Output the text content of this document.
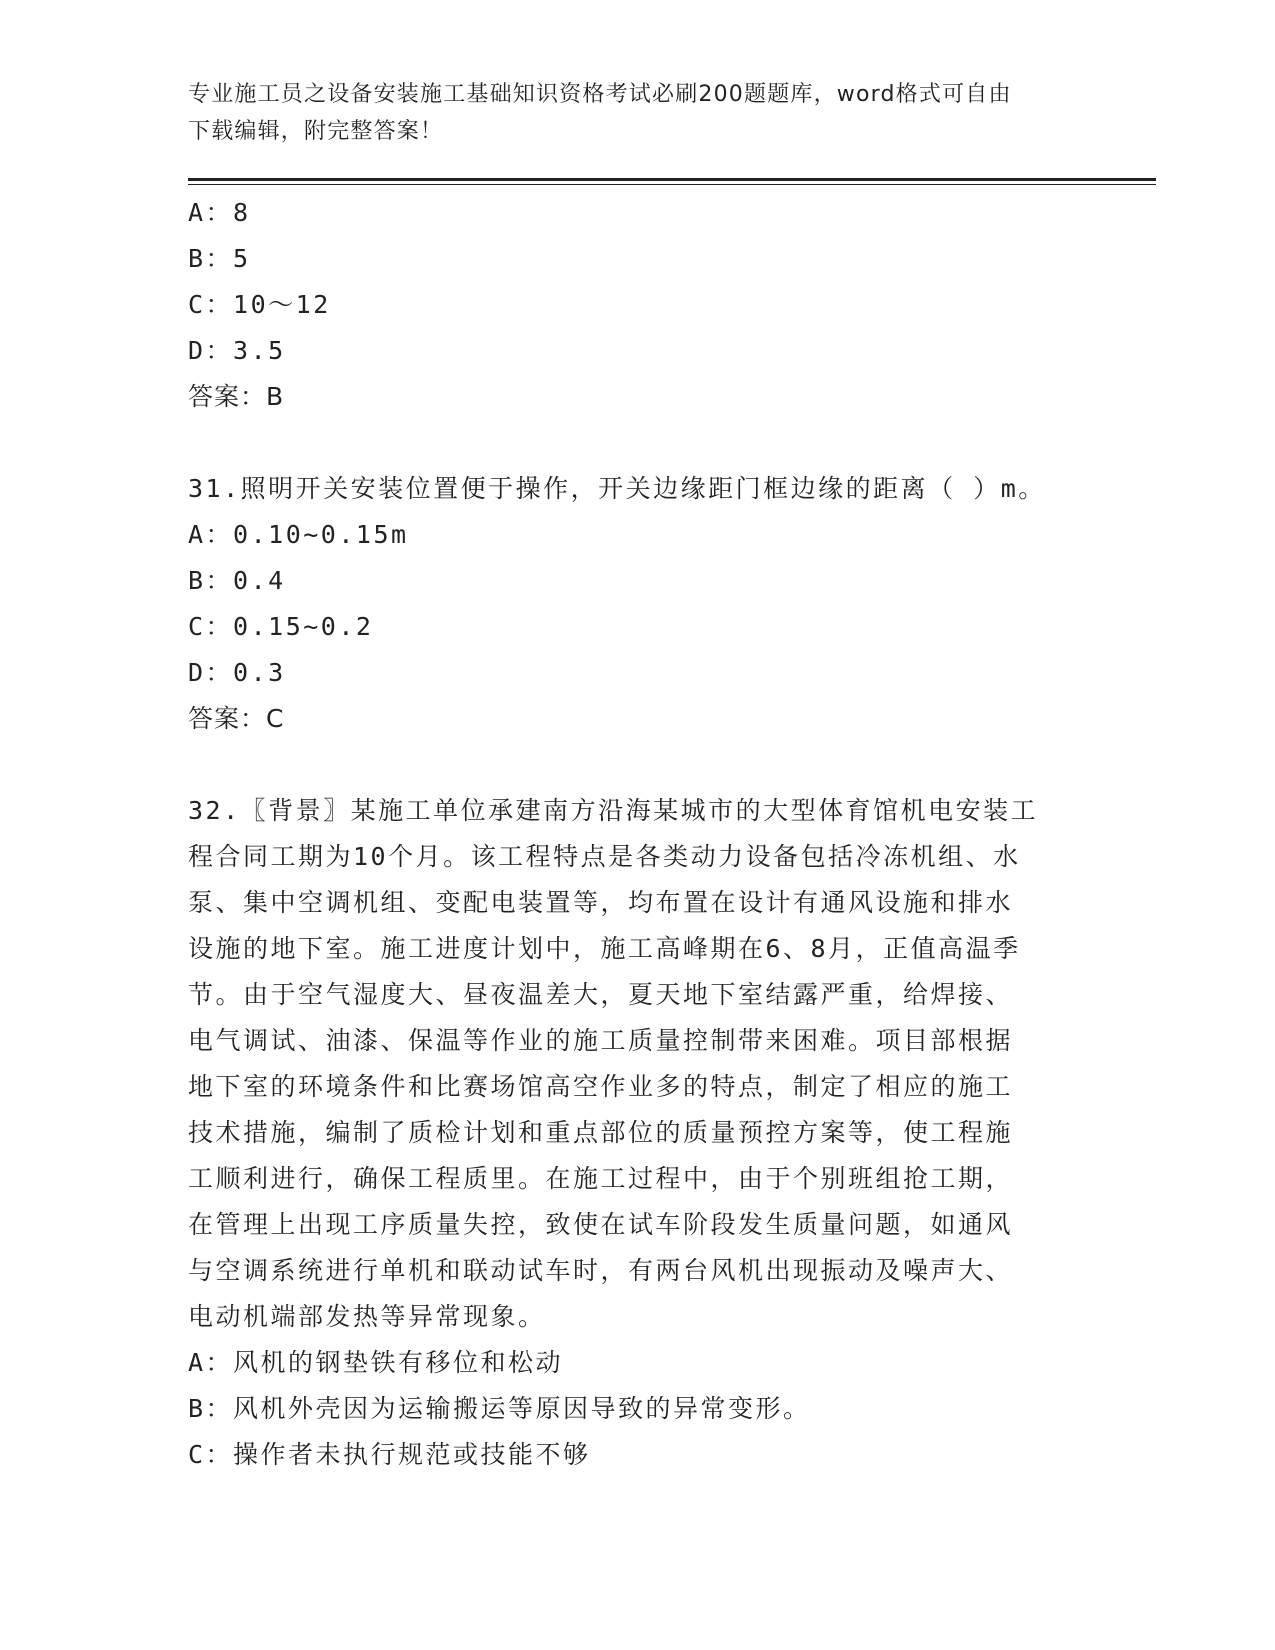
专业施工员之设备安装施工基础知识资格考试必刷200题题库，word格式可自由
下载编辑，附完整答案！
A：8
B：5
C：10～12
D：3.5
答案：B
31.照明开关安装位置便于操作，开关边缘距门框边缘的距离（ ）m。
A：0.10~0.15m
B：0.4
C：0.15~0.2
D：0.3
答案：C
32.〖背景〗某施工单位承建南方沿海某城市的大型体育馆机电安装工
程合同工期为10个月。该工程特点是各类动力设备包括冷冻机组、水
泵、集中空调机组、变配电装置等，均布置在设计有通风设施和排水
设施的地下室。施工进度计划中，施工高峰期在6、8月，正值高温季
节。由于空气湿度大、昼夜温差大，夏天地下室结露严重，给焊接、
电气调试、油漆、保温等作业的施工质量控制带来困难。项目部根据
地下室的环境条件和比赛场馆高空作业多的特点，制定了相应的施工
技术措施，编制了质检计划和重点部位的质量预控方案等，使工程施
工顺利进行，确保工程质里。在施工过程中，由于个别班组抢工期，
在管理上出现工序质量失控，致使在试车阶段发生质量问题，如通风
与空调系统进行单机和联动试车时，有两台风机出现振动及噪声大、
电动机端部发热等异常现象。
A：风机的钢垫铁有移位和松动
B：风机外壳因为运输搬运等原因导致的异常变形。
C：操作者未执行规范或技能不够
